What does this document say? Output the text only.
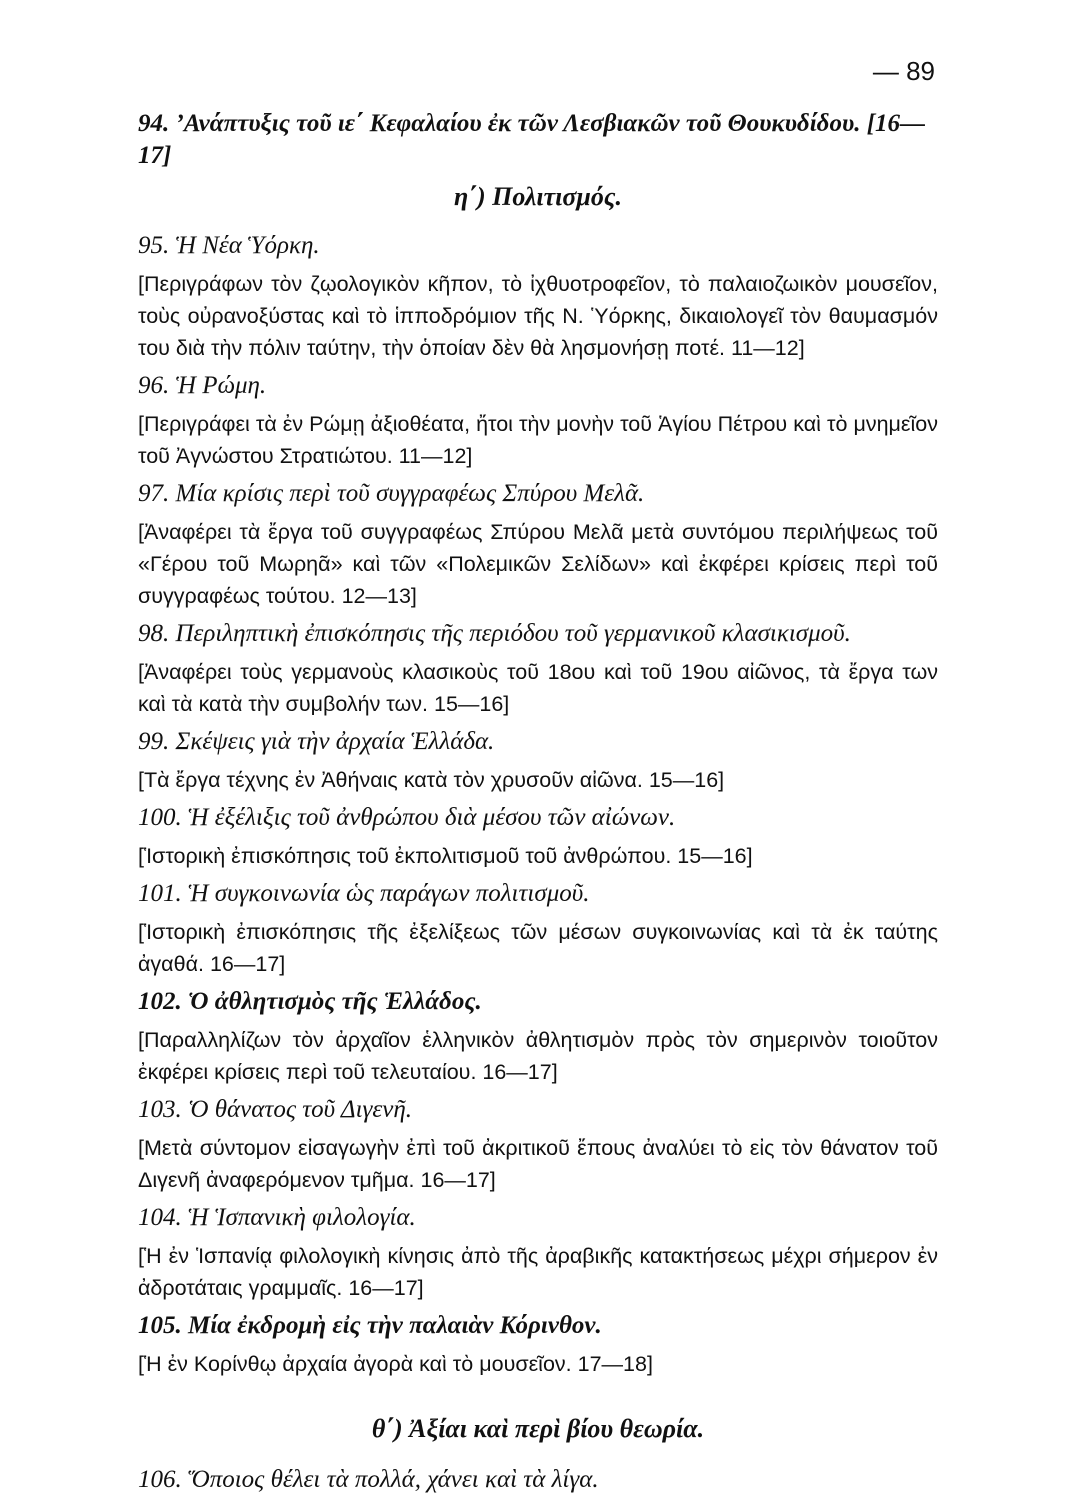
— 89

94. ’Ανάπτυξις τοῦ ιε΄ Κεφαλαίου ἐκ τῶν Λεσβιακῶν τοῦ Θουκυδίδου. [16—17]

η΄) Πολιτισμός.

95. Ἡ Νέα Ὑόρκη.

[Περιγράφων τὸν ζῳολογικὸν κῆπον, τὸ ἰχθυοτροφεῖον, τὸ παλαιοζωικὸν μουσεῖον, τοὺς οὐρανοξύστας καὶ τὸ ἱπποδρόμιον τῆς Ν. Ὑόρκης, δικαιολογεῖ τὸν θαυμασμόν του διὰ τὴν πόλιν ταύτην, τὴν ὁποίαν δὲν θὰ λησμονήσῃ ποτέ. 11—12]

96. Ἡ Ρώμη.

[Περιγράφει τὰ ἐν Ρώμῃ ἀξιοθέατα, ἤτοι τὴν μονὴν τοῦ Ἁγίου Πέτρου καὶ τὸ μνημεῖον τοῦ Ἀγνώστου Στρατιώτου. 11—12]

97. Μία κρίσις περὶ τοῦ συγγραφέως Σπύρου Μελᾶ.

[Ἀναφέρει τὰ ἔργα τοῦ συγγραφέως Σπύρου Μελᾶ μετὰ συντόμου περιλήψεως τοῦ «Γέρου τοῦ Μωρηᾶ» καὶ τῶν «Πολεμικῶν Σελίδων» καὶ ἐκφέρει κρίσεις περὶ τοῦ συγγραφέως τούτου. 12—13]

98. Περιληπτικὴ ἐπισκόπησις τῆς περιόδου τοῦ γερμανικοῦ κλασικισμοῦ.

[Ἀναφέρει τοὺς γερμανοὺς κλασικοὺς τοῦ 18ου καὶ τοῦ 19ου αἰῶνος, τὰ ἔργα των καὶ τὰ κατὰ τὴν συμβολήν των. 15—16]

99. Σκέψεις γιὰ τὴν ἀρχαία Ἑλλάδα.

[Τὰ ἔργα τέχνης ἐν Ἀθήναις κατὰ τὸν χρυσοῦν αἰῶνα. 15—16]

100. Ἡ ἐξέλιξις τοῦ ἀνθρώπου διὰ μέσου τῶν αἰώνων.

[Ἱστορικὴ ἐπισκόπησις τοῦ ἐκπολιτισμοῦ τοῦ ἀνθρώπου. 15—16]

101. Ἡ συγκοινωνία ὡς παράγων πολιτισμοῦ.

[Ἱστορικὴ ἐπισκόπησις τῆς ἐξελίξεως τῶν μέσων συγκοινωνίας καὶ τὰ ἐκ ταύτης ἀγαθά. 16—17]

102. Ὁ ἀθλητισμὸς τῆς Ἑλλάδος.

[Παραλληλίζων τὸν ἀρχαῖον ἑλληνικὸν ἀθλητισμὸν πρὸς τὸν σημερινὸν τοιοῦτον ἐκφέρει κρίσεις περὶ τοῦ τελευταίου. 16—17]

103. Ὁ θάνατος τοῦ Διγενῆ.

[Μετὰ σύντομον εἰσαγωγὴν ἐπὶ τοῦ ἀκριτικοῦ ἔπους ἀναλύει τὸ εἰς τὸν θάνατον τοῦ Διγενῆ ἀναφερόμενον τμῆμα. 16—17]

104. Ἡ Ἱσπανικὴ φιλολογία.

[Ἡ ἐν Ἱσπανίᾳ φιλολογικὴ κίνησις ἀπὸ τῆς ἀραβικῆς κατακτήσεως μέχρι σήμερον ἐν ἀδροτάταις γραμμαῖς. 16—17]

105. Μία ἐκδρομὴ εἰς τὴν παλαιὰν Κόρινθον.

[Ἡ ἐν Κορίνθῳ ἀρχαία ἀγορὰ καὶ τὸ μουσεῖον. 17—18]

θ΄) Ἀξίαι καὶ περὶ βίου θεωρία.

106. Ὅποιος θέλει τὰ πολλά, χάνει καὶ τὰ λίγα.
